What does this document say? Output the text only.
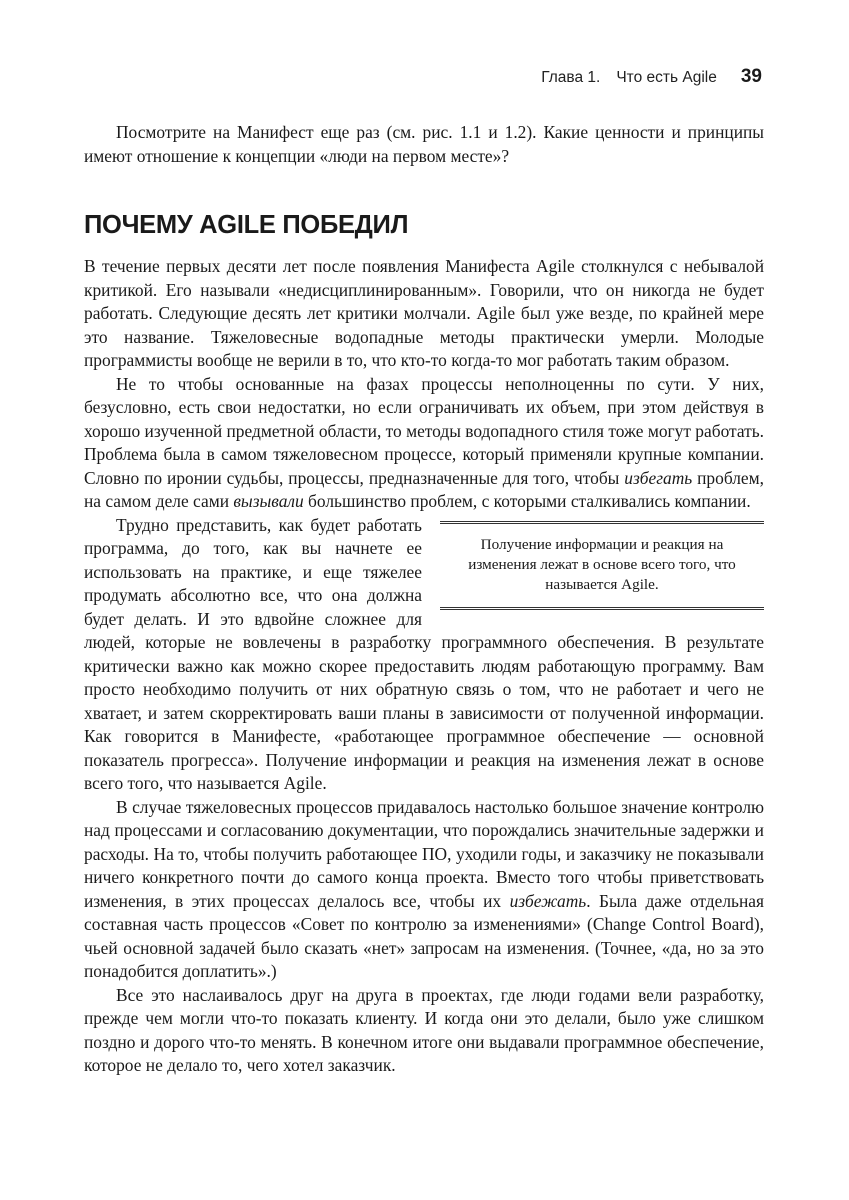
Глава 1. Что есть Agile 39

Посмотрите на Манифест еще раз (см. рис. 1.1 и 1.2). Какие ценности и принципы имеют отношение к концепции «люди на первом месте»?

ПОЧЕМУ AGILE ПОБЕДИЛ

В течение первых десяти лет после появления Манифеста Agile столкнулся с небывалой критикой. Его называли «недисциплинированным». Говорили, что он никогда не будет работать. Следующие десять лет критики молчали. Agile был уже везде, по крайней мере это название. Тяжеловесные водопадные методы практически умерли. Молодые программисты вообще не верили в то, что кто-то когда-то мог работать таким образом.

Не то чтобы основанные на фазах процессы неполноценны по сути. У них, безусловно, есть свои недостатки, но если ограничивать их объем, при этом действуя в хорошо изученной предметной области, то методы водопадного стиля тоже могут работать. Проблема была в самом тяжеловесном процессе, который применяли крупные компании. Словно по иронии судьбы, процессы, предназначенные для того, чтобы избегать проблем, на самом деле сами вызывали большинство проблем, с которыми сталкивались компании.

Получение информации и реакция на изменения лежат в основе всего того, что называется Agile.

Трудно представить, как будет работать программа, до того, как вы начнете ее использовать на практике, и еще тяжелее продумать абсолютно все, что она должна будет делать. И это вдвойне сложнее для людей, которые не вовлечены в разработку программного обеспечения. В результате критически важно как можно скорее предоставить людям работающую программу. Вам просто необходимо получить от них обратную связь о том, что не работает и чего не хватает, и затем скорректировать ваши планы в зависимости от полученной информации. Как говорится в Манифесте, «работающее программное обеспечение — основной показатель прогресса». Получение информации и реакция на изменения лежат в основе всего того, что называется Agile.

В случае тяжеловесных процессов придавалось настолько большое значение контролю над процессами и согласованию документации, что порождались значительные задержки и расходы. На то, чтобы получить работающее ПО, уходили годы, и заказчику не показывали ничего конкретного почти до самого конца проекта. Вместо того чтобы приветствовать изменения, в этих процессах делалось все, чтобы их избежать. Была даже отдельная составная часть процессов «Совет по контролю за изменениями» (Change Control Board), чьей основной задачей было сказать «нет» запросам на изменения. (Точнее, «да, но за это понадобится доплатить».)

Все это наслаивалось друг на друга в проектах, где люди годами вели разработку, прежде чем могли что-то показать клиенту. И когда они это делали, было уже слишком поздно и дорого что-то менять. В конечном итоге они выдавали программное обеспечение, которое не делало то, чего хотел заказчик.
